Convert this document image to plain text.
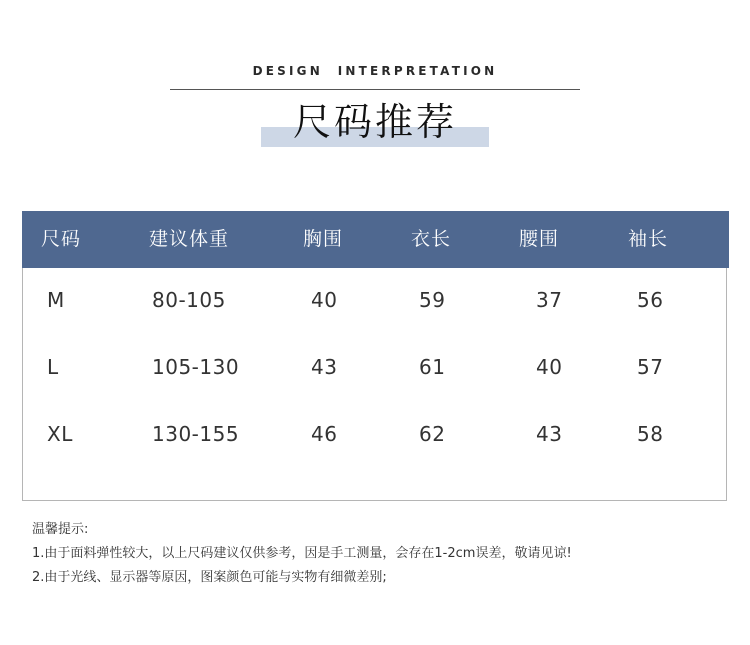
DESIGN  INTERPRETATION
尺码推荐
尺码	建议体重	胸围	衣长	腰围	袖长
M	80-105	40	59	37	56
L	105-130	43	61	40	57
XL	130-155	46	62	43	58
温馨提示:
1.由于面料弹性较大，以上尺码建议仅供参考，因是手工测量，会存在1-2cm误差，敬请见谅!
2.由于光线、显示器等原因，图案颜色可能与实物有细微差别;
